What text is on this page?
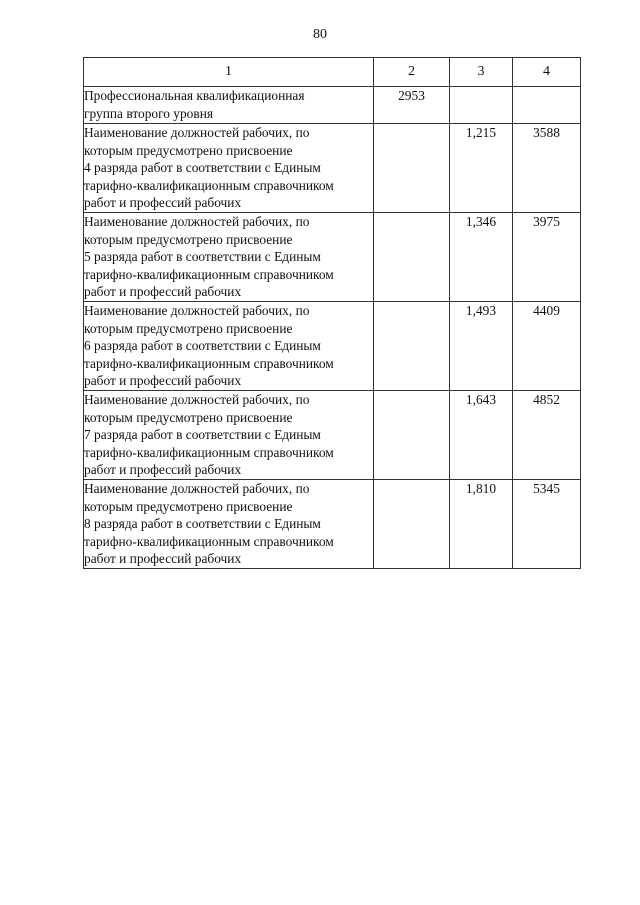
80
1	2	3	4

Профессиональная квалификационная
группа второго уровня	2953		

Наименование должностей рабочих, по
которым предусмотрено присвоение
4 разряда работ в соответствии с Единым
тарифно-квалификационным справочником
работ и профессий рабочих		1,215	3588

Наименование должностей рабочих, по
которым предусмотрено присвоение
5 разряда работ в соответствии с Единым
тарифно-квалификационным справочником
работ и профессий рабочих		1,346	3975

Наименование должностей рабочих, по
которым предусмотрено присвоение
6 разряда работ в соответствии с Единым
тарифно-квалификационным справочником
работ и профессий рабочих		1,493	4409

Наименование должностей рабочих, по
которым предусмотрено присвоение
7 разряда работ в соответствии с Единым
тарифно-квалификационным справочником
работ и профессий рабочих		1,643	4852

Наименование должностей рабочих, по
которым предусмотрено присвоение
8 разряда работ в соответствии с Единым
тарифно-квалификационным справочником
работ и профессий рабочих		1,810	5345
